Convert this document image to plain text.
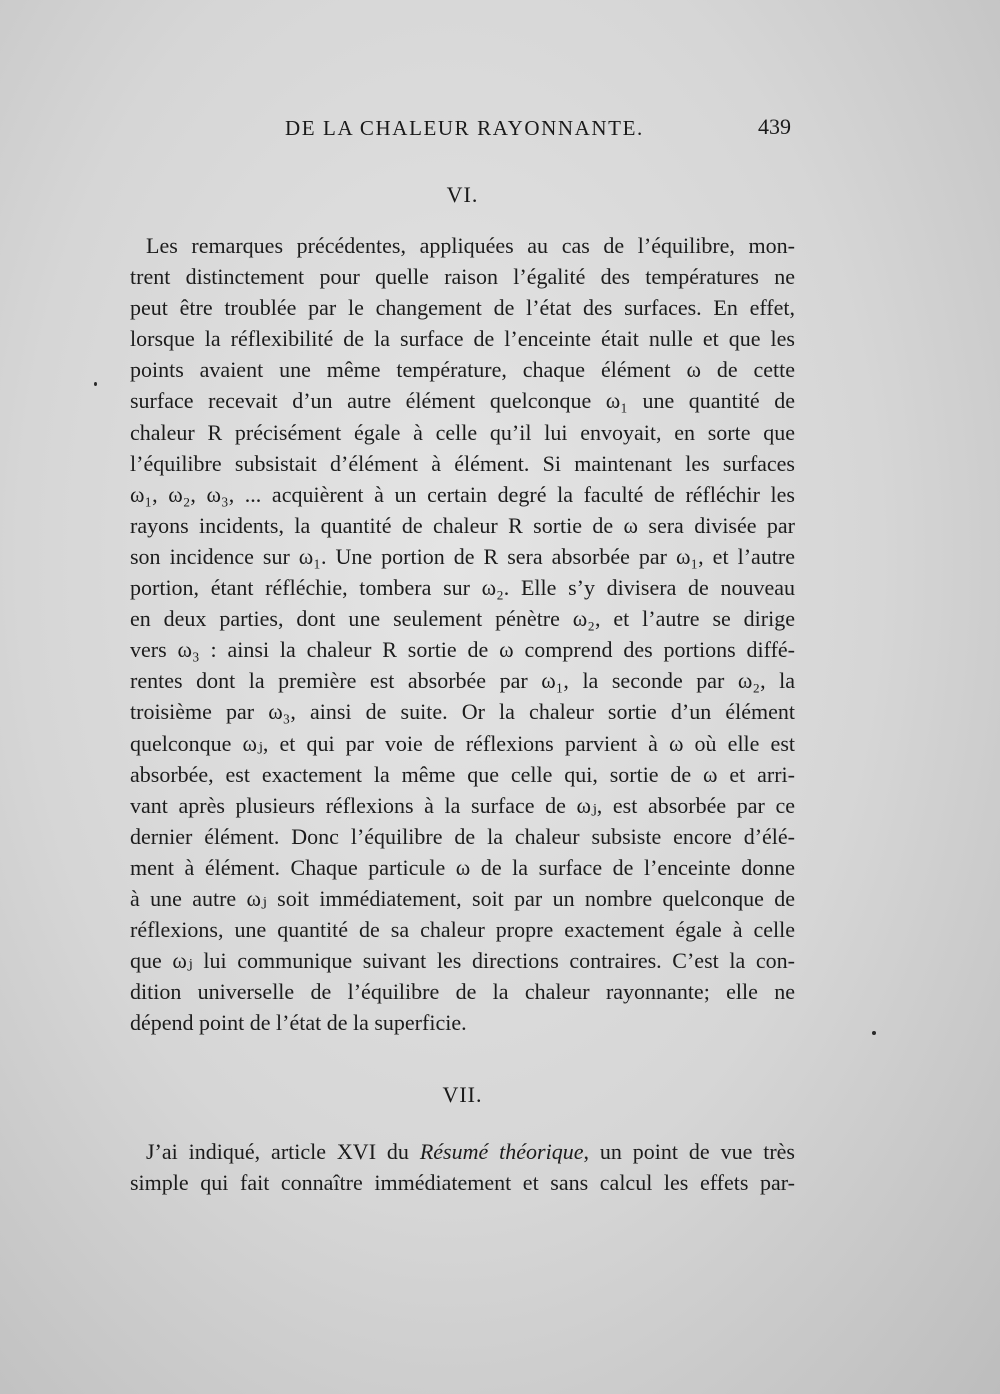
DE LA CHALEUR RAYONNANTE.	439
VI.
Les remarques précédentes, appliquées au cas de l’équilibre, mon-
trent distinctement pour quelle raison l’égalité des températures ne
peut être troublée par le changement de l’état des surfaces. En effet,
lorsque la réflexibilité de la surface de l’enceinte était nulle et que les
points avaient une même température, chaque élément ω de cette
surface recevait d’un autre élément quelconque ω₁ une quantité de
chaleur R précisément égale à celle qu’il lui envoyait, en sorte que
l’équilibre subsistait d’élément à élément. Si maintenant les surfaces
ω₁, ω₂, ω₃, ... acquièrent à un certain degré la faculté de réfléchir les
rayons incidents, la quantité de chaleur R sortie de ω sera divisée par
son incidence sur ω₁. Une portion de R sera absorbée par ω₁, et l’autre
portion, étant réfléchie, tombera sur ω₂. Elle s’y divisera de nouveau
en deux parties, dont une seulement pénètre ω₂, et l’autre se dirige
vers ω₃ : ainsi la chaleur R sortie de ω comprend des portions diffé-
rentes dont la première est absorbée par ω₁, la seconde par ω₂, la
troisième par ω₃, ainsi de suite. Or la chaleur sortie d’un élément
quelconque ωⱼ, et qui par voie de réflexions parvient à ω où elle est
absorbée, est exactement la même que celle qui, sortie de ω et arri-
vant après plusieurs réflexions à la surface de ωⱼ, est absorbée par ce
dernier élément. Donc l’équilibre de la chaleur subsiste encore d’élé-
ment à élément. Chaque particule ω de la surface de l’enceinte donne
à une autre ωⱼ soit immédiatement, soit par un nombre quelconque de
réflexions, une quantité de sa chaleur propre exactement égale à celle
que ωⱼ lui communique suivant les directions contraires. C’est la con-
dition universelle de l’équilibre de la chaleur rayonnante; elle ne
dépend point de l’état de la superficie.
VII.
J’ai indiqué, article XVI du Résumé théorique, un point de vue très
simple qui fait connaître immédiatement et sans calcul les effets par-
